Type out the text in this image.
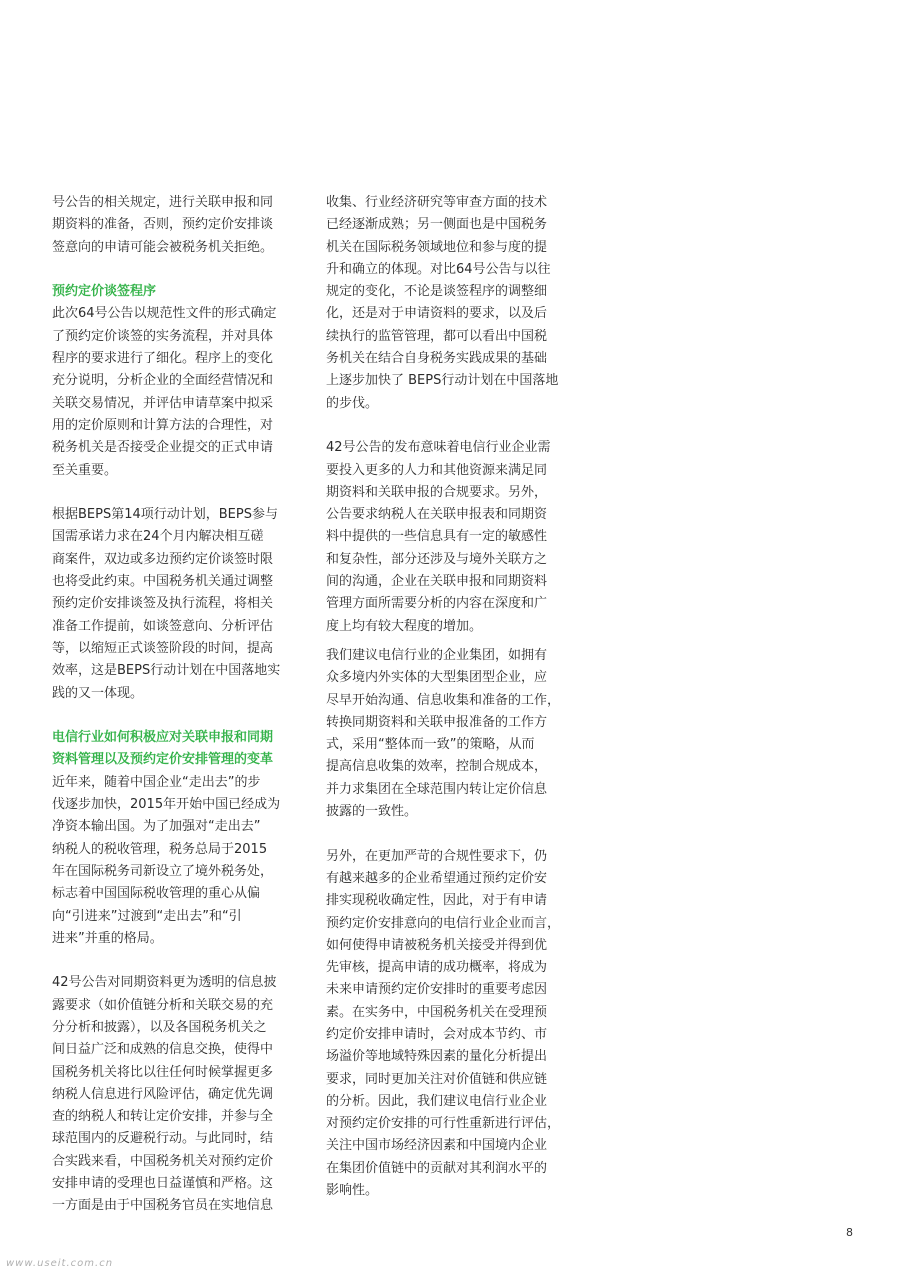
号公告的相关规定，进行关联申报和同
期资料的准备，否则，预约定价安排谈
签意向的申请可能会被税务机关拒绝。
预约定价谈签程序
此次64号公告以规范性文件的形式确定
了预约定价谈签的实务流程，并对具体
程序的要求进行了细化。程序上的变化
充分说明，分析企业的全面经营情况和
关联交易情况，并评估申请草案中拟采
用的定价原则和计算方法的合理性，对
税务机关是否接受企业提交的正式申请
至关重要。
根据BEPS第14项行动计划，BEPS参与
国需承诺力求在24个月内解决相互磋
商案件，双边或多边预约定价谈签时限
也将受此约束。中国税务机关通过调整
预约定价安排谈签及执行流程，将相关
准备工作提前，如谈签意向、分析评估
等，以缩短正式谈签阶段的时间，提高
效率，这是BEPS行动计划在中国落地实
践的又一体现。
电信行业如何积极应对关联申报和同期
资料管理以及预约定价安排管理的变革
近年来，随着中国企业“走出去”的步
伐逐步加快，2015年开始中国已经成为
净资本输出国。为了加强对“走出去”
纳税人的税收管理，税务总局于2015
年在国际税务司新设立了境外税务处，
标志着中国国际税收管理的重心从偏
向“引进来”过渡到“走出去”和“引
进来”并重的格局。
42号公告对同期资料更为透明的信息披
露要求（如价值链分析和关联交易的充
分分析和披露），以及各国税务机关之
间日益广泛和成熟的信息交换，使得中
国税务机关将比以往任何时候掌握更多
纳税人信息进行风险评估，确定优先调
查的纳税人和转让定价安排，并参与全
球范围内的反避税行动。与此同时，结
合实践来看，中国税务机关对预约定价
安排申请的受理也日益谨慎和严格。这
一方面是由于中国税务官员在实地信息
收集、行业经济研究等审查方面的技术
已经逐渐成熟；另一侧面也是中国税务
机关在国际税务领域地位和参与度的提
升和确立的体现。对比64号公告与以往
规定的变化，不论是谈签程序的调整细
化，还是对于申请资料的要求，以及后
续执行的监管管理，都可以看出中国税
务机关在结合自身税务实践成果的基础
上逐步加快了 BEPS行动计划在中国落地
的步伐。
42号公告的发布意味着电信行业企业需
要投入更多的人力和其他资源来满足同
期资料和关联申报的合规要求。另外，
公告要求纳税人在关联申报表和同期资
料中提供的一些信息具有一定的敏感性
和复杂性，部分还涉及与境外关联方之
间的沟通，企业在关联申报和同期资料
管理方面所需要分析的内容在深度和广
度上均有较大程度的增加。
我们建议电信行业的企业集团，如拥有
众多境内外实体的大型集团型企业，应
尽早开始沟通、信息收集和准备的工作，
转换同期资料和关联申报准备的工作方
式，采用“整体而一致”的策略，从而
提高信息收集的效率，控制合规成本，
并力求集团在全球范围内转让定价信息
披露的一致性。
另外，在更加严苛的合规性要求下，仍
有越来越多的企业希望通过预约定价安
排实现税收确定性，因此，对于有申请
预约定价安排意向的电信行业企业而言，
如何使得申请被税务机关接受并得到优
先审核，提高申请的成功概率，将成为
未来申请预约定价安排时的重要考虑因
素。在实务中，中国税务机关在受理预
约定价安排申请时，会对成本节约、市
场溢价等地域特殊因素的量化分析提出
要求，同时更加关注对价值链和供应链
的分析。因此，我们建议电信行业企业
对预约定价安排的可行性重新进行评估，
关注中国市场经济因素和中国境内企业
在集团价值链中的贡献对其利润水平的
影响性。
8
www.useit.com.cn
